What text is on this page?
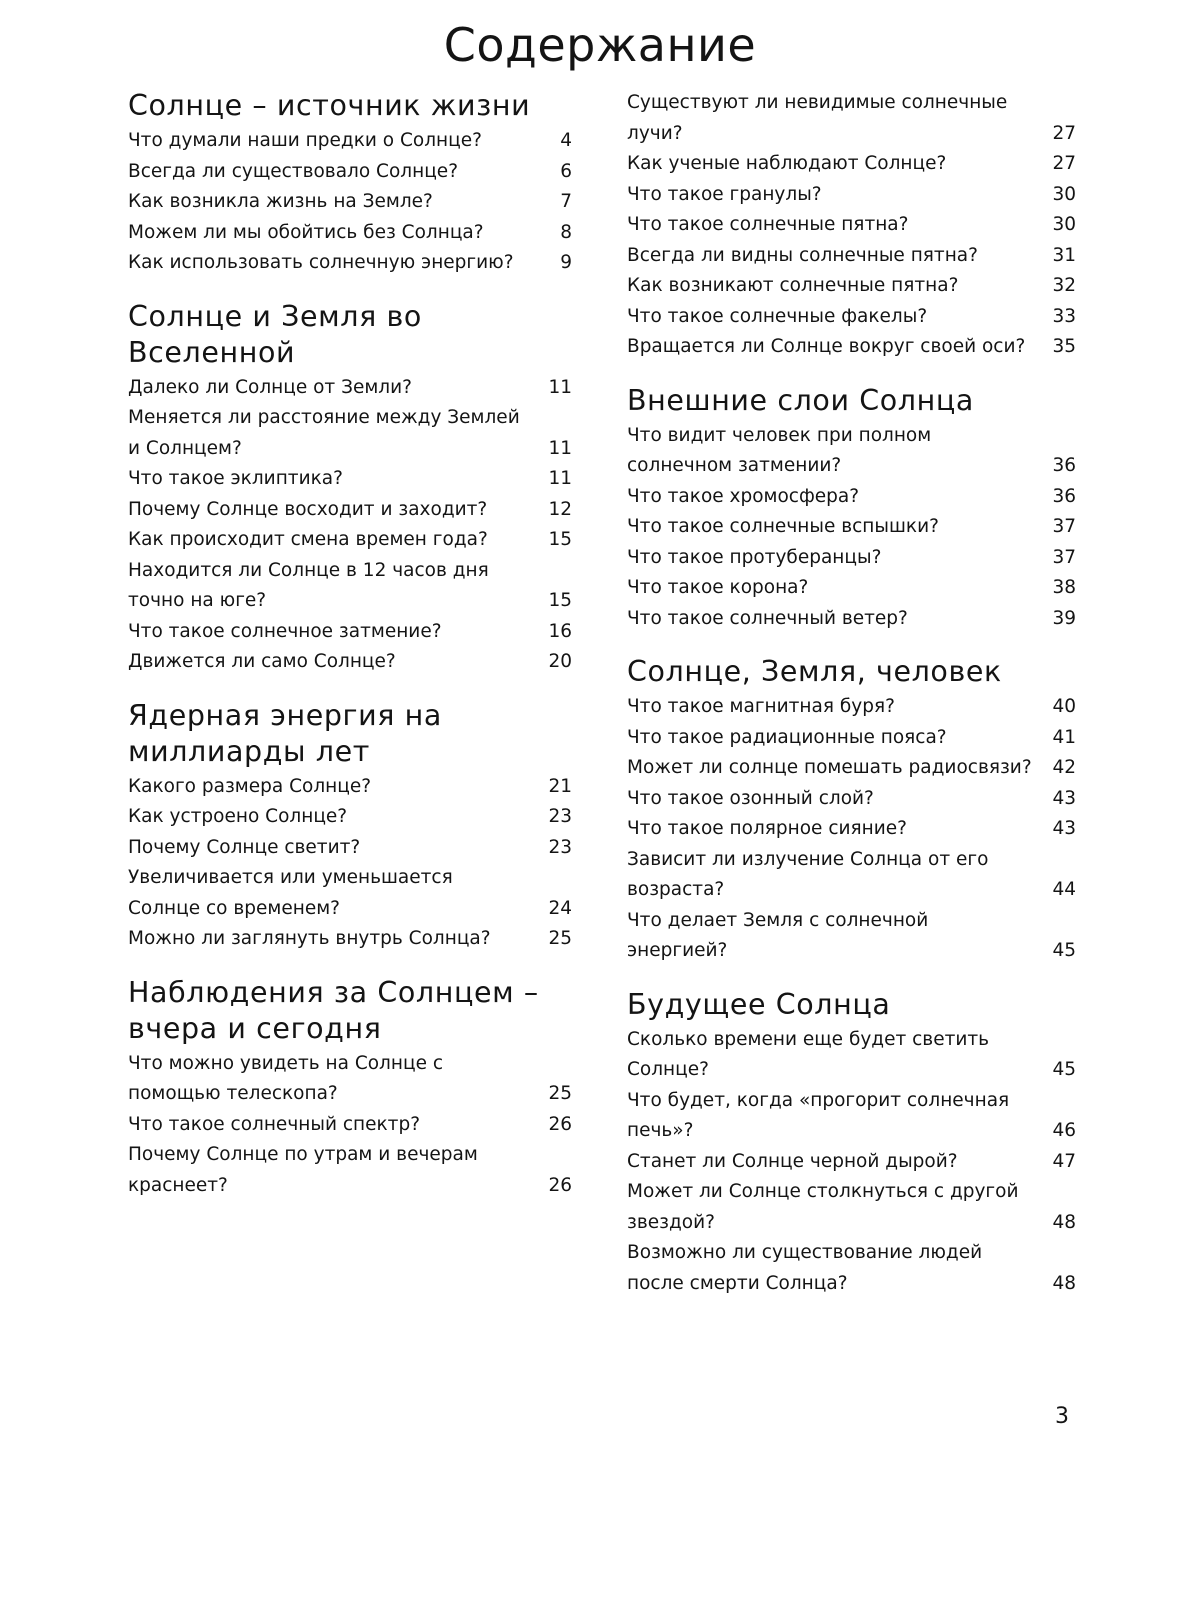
Содержание
Солнце – источник жизни
Что думали наши предки о Солнце?	4
Всегда ли существовало Солнце?	6
Как возникла жизнь на Земле?	7
Можем ли мы обойтись без Солнца?	8
Как использовать солнечную энергию?	9
Солнце и Земля во Вселенной
Далеко ли Солнце от Земли?	11
Меняется ли расстояние между Землей и Солнцем?	11
Что такое эклиптика?	11
Почему Солнце восходит и заходит?	12
Как происходит смена времен года?	15
Находится ли Солнце в 12 часов дня точно на юге?	15
Что такое солнечное затмение?	16
Движется ли само Солнце?	20
Ядерная энергия на миллиарды лет
Какого размера Солнце?	21
Как устроено Солнце?	23
Почему Солнце светит?	23
Увеличивается или уменьшается Солнце со временем?	24
Можно ли заглянуть внутрь Солнца?	25
Наблюдения за Солнцем – вчера и сегодня
Что можно увидеть на Солнце с помощью телескопа?	25
Что такое солнечный спектр?	26
Почему Солнце по утрам и вечерам краснеет?	26
Существуют ли невидимые солнечные лучи?	27
Как ученые наблюдают Солнце?	27
Что такое гранулы?	30
Что такое солнечные пятна?	30
Всегда ли видны солнечные пятна?	31
Как возникают солнечные пятна?	32
Что такое солнечные факелы?	33
Вращается ли Солнце вокруг своей оси?	35
Внешние слои Солнца
Что видит человек при полном солнечном затмении?	36
Что такое хромосфера?	36
Что такое солнечные вспышки?	37
Что такое протуберанцы?	37
Что такое корона?	38
Что такое солнечный ветер?	39
Солнце, Земля, человек
Что такое магнитная буря?	40
Что такое радиационные пояса?	41
Может ли солнце помешать радиосвязи?	42
Что такое озонный слой?	43
Что такое полярное сияние?	43
Зависит ли излучение Солнца от его возраста?	44
Что делает Земля с солнечной энергией?	45
Будущее Солнца
Сколько времени еще будет светить Солнце?	45
Что будет, когда «прогорит солнечная печь»?	46
Станет ли Солнце черной дырой?	47
Может ли Солнце столкнуться с другой звездой?	48
Возможно ли существование людей после смерти Солнца?	48
3
